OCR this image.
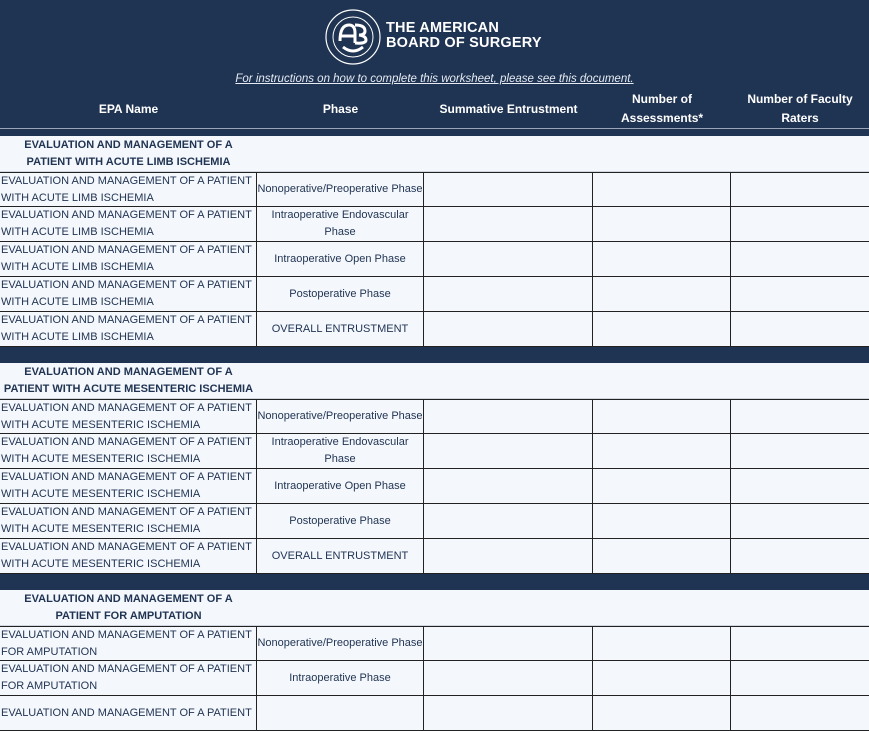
THE AMERICAN
BOARD OF SURGERY
For instructions on how to complete this worksheet, please see this document.
EPA Name	Phase	Summative Entrustment
Number of Assessments*
Number of Faculty Raters
EVALUATION AND MANAGEMENT OF A
PATIENT WITH ACUTE LIMB ISCHEMIA
EVALUATION AND MANAGEMENT OF A PATIENT WITH ACUTE LIMB ISCHEMIA
Nonoperative/Preoperative Phase
EVALUATION AND MANAGEMENT OF A PATIENT WITH ACUTE LIMB ISCHEMIA
Intraoperative Endovascular Phase
EVALUATION AND MANAGEMENT OF A PATIENT WITH ACUTE LIMB ISCHEMIA
Intraoperative Open Phase
EVALUATION AND MANAGEMENT OF A PATIENT WITH ACUTE LIMB ISCHEMIA
Postoperative Phase
EVALUATION AND MANAGEMENT OF A PATIENT WITH ACUTE LIMB ISCHEMIA
OVERALL ENTRUSTMENT
EVALUATION AND MANAGEMENT OF A
PATIENT WITH ACUTE MESENTERIC ISCHEMIA
EVALUATION AND MANAGEMENT OF A PATIENT WITH ACUTE MESENTERIC ISCHEMIA
Nonoperative/Preoperative Phase
EVALUATION AND MANAGEMENT OF A PATIENT WITH ACUTE MESENTERIC ISCHEMIA
Intraoperative Endovascular Phase
EVALUATION AND MANAGEMENT OF A PATIENT WITH ACUTE MESENTERIC ISCHEMIA
Intraoperative Open Phase
EVALUATION AND MANAGEMENT OF A PATIENT WITH ACUTE MESENTERIC ISCHEMIA
Postoperative Phase
EVALUATION AND MANAGEMENT OF A PATIENT WITH ACUTE MESENTERIC ISCHEMIA
OVERALL ENTRUSTMENT
EVALUATION AND MANAGEMENT OF A
PATIENT FOR AMPUTATION
EVALUATION AND MANAGEMENT OF A PATIENT FOR AMPUTATION
Nonoperative/Preoperative Phase
EVALUATION AND MANAGEMENT OF A PATIENT FOR AMPUTATION
Intraoperative Phase
EVALUATION AND MANAGEMENT OF A PATIENT
